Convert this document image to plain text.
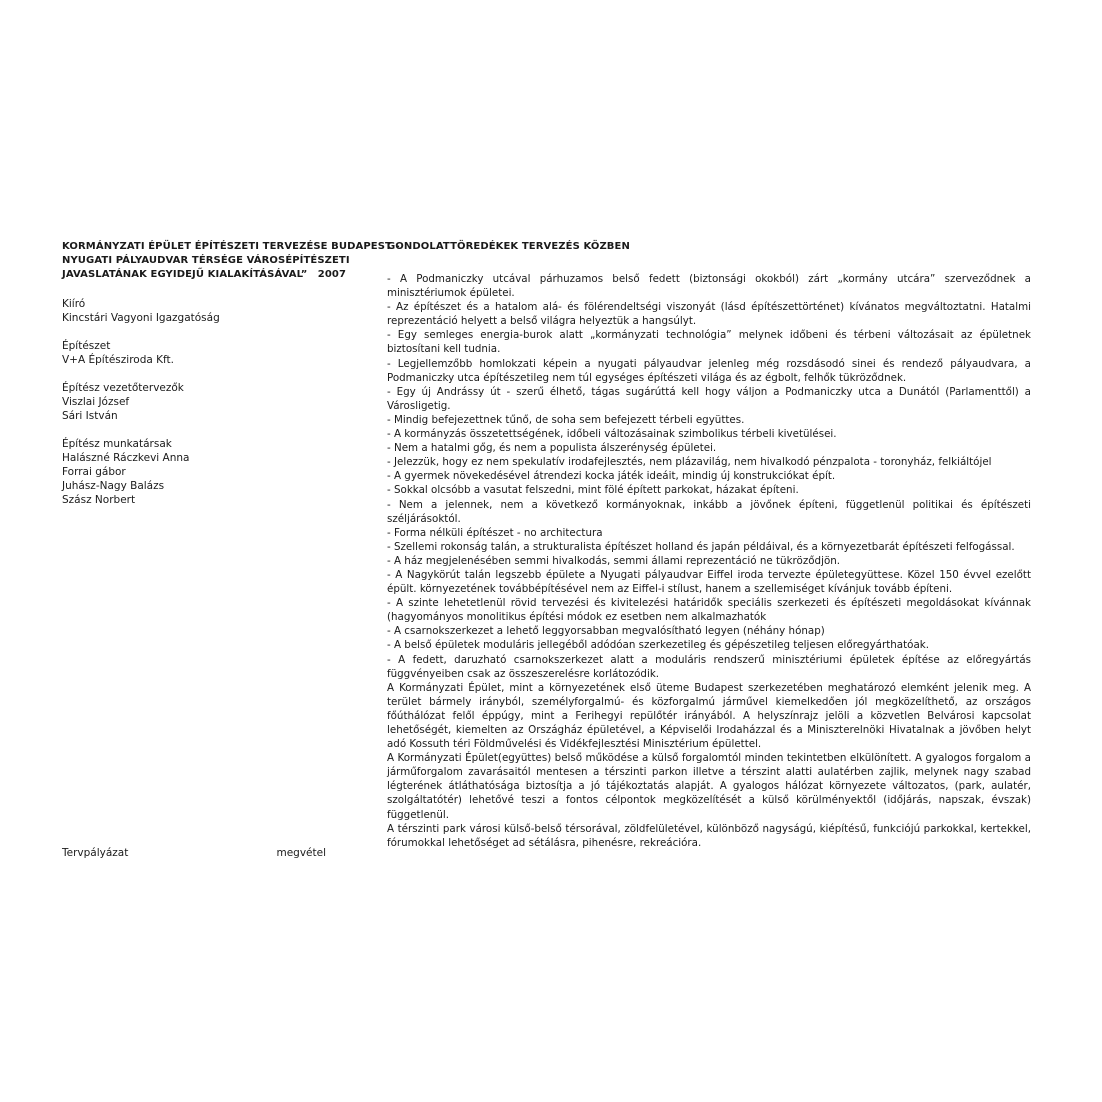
KORMÁNYZATI ÉPÜLET ÉPÍTÉSZETI TERVEZÉSE BUDAPEST -
NYUGATI PÁLYAUDVAR TÉRSÉGE VÁROSÉPÍTÉSZETI
JAVASLATÁNAK EGYIDEJŰ KIALAKÍTÁSÁVAL” 2007
Kiíró
Kincstári Vagyoni Igazgatóság
Építészet
V+A Építésziroda Kft.
Építész vezetőtervezők
Viszlai József
Sári István
Építész munkatársak
Halászné Ráczkevi Anna
Forrai gábor
Juhász-Nagy Balázs
Szász Norbert
Tervpályázat	megvétel
GONDOLATTÖREDÉKEK TERVEZÉS KÖZBEN

- A Podmaniczky utcával párhuzamos belső fedett (biztonsági okokból) zárt „kormány utcára” szerveződnek a minisztériumok épületei.

- Az építészet és a hatalom alá- és fölérendeltségi viszonyát (lásd építészettörténet) kívánatos megváltoztatni. Hatalmi reprezentáció helyett a belső világra helyeztük a hangsúlyt.

- Egy semleges energia-burok alatt „kormányzati technológia” melynek időbeni és térbeni változásait az épületnek biztosítani kell tudnia.

- Legjellemzőbb homlokzati képein a nyugati pályaudvar jelenleg még rozsdásodó sinei és rendező pályaudvara, a Podmaniczky utca építészetileg nem túl egységes építészeti világa és az égbolt, felhők tükröződnek.

- Egy új Andrássy út - szerű élhető, tágas sugárúttá kell hogy váljon a Podmaniczky utca a Dunától (Parlamenttől) a Városligetig.

- Mindig befejezettnek tűnő, de soha sem befejezett térbeli együttes.

- A kormányzás összetettségének, időbeli változásainak szimbolikus térbeli kivetülései.

- Nem a hatalmi gőg, és nem a populista álszerénység épületei.

- Jelezzük, hogy ez nem spekulatív irodafejlesztés, nem plázavilág, nem hivalkodó pénzpalota - toronyház, felkiáltójel

- A gyermek növekedésével átrendezi kocka játék ideáit, mindig új konstrukciókat épít.

- Sokkal olcsóbb a vasutat felszedni, mint fölé épített parkokat, házakat építeni.

- Nem a jelennek, nem a következő kormányoknak, inkább a jövőnek építeni, függetlenül politikai és építészeti széljárásoktól.

- Forma nélküli építészet - no architectura

- Szellemi rokonság talán, a strukturalista építészet holland és japán példáival, és a környezetbarát építészeti felfogással.

- A ház megjelenésében semmi hivalkodás, semmi állami reprezentáció ne tükröződjön.

- A Nagykörút talán legszebb épülete a Nyugati pályaudvar Eiffel iroda tervezte épületegyüttese. Közel 150 évvel ezelőtt épült. környezetének továbbépítésével nem az Eiffel-i stílust, hanem a szellemiséget kívánjuk tovább építeni.

- A szinte lehetetlenül rövid tervezési és kivitelezési határidők speciális szerkezeti és építészeti megoldásokat kívánnak (hagyományos monolitikus építési módok ez esetben nem alkalmazhatók

- A csarnokszerkezet a lehető leggyorsabban megvalósítható legyen (néhány hónap)

- A belső épületek moduláris jellegéből adódóan szerkezetileg és gépészetileg teljesen előregyárthatóak.

- A fedett, daruzható csarnokszerkezet alatt a moduláris rendszerű minisztériumi épületek építése az előregyártás függvényeiben csak az összeszerelésre korlátozódik.

A Kormányzati Épület, mint a környezetének első üteme Budapest szerkezetében meghatározó elemként jelenik meg. A terület bármely irányból, személyforgalmú- és közforgalmú járművel kiemelkedően jól megközelíthető, az országos főúthálózat felől éppúgy, mint a Ferihegyi repülőtér irányából. A helyszínrajz jelöli a közvetlen Belvárosi kapcsolat lehetőségét, kiemelten az Országház épületével, a Képviselői Irodaházzal és a Miniszterelnöki Hivatalnak a jövőben helyt adó Kossuth téri Földművelési és Vidékfejlesztési Minisztérium épülettel.

A Kormányzati Épület(együttes) belső működése a külső forgalomtól minden tekintetben elkülönített. A gyalogos forgalom a járműforgalom zavarásaitól mentesen a térszinti parkon illetve a térszint alatti aulatérben zajlik, melynek nagy szabad légterének átláthatósága biztosítja a jó tájékoztatás alapját. A gyalogos hálózat környezete változatos, (park, aulatér, szolgáltatótér) lehetővé teszi a fontos célpontok megközelítését a külső körülményektől (időjárás, napszak, évszak) függetlenül.

A térszinti park városi külső-belső térsorával, zöldfelületével, különböző nagyságú, kiépítésű, funkciójú parkokkal, kertekkel, fórumokkal lehetőséget ad sétálásra, pihenésre, rekreációra.
